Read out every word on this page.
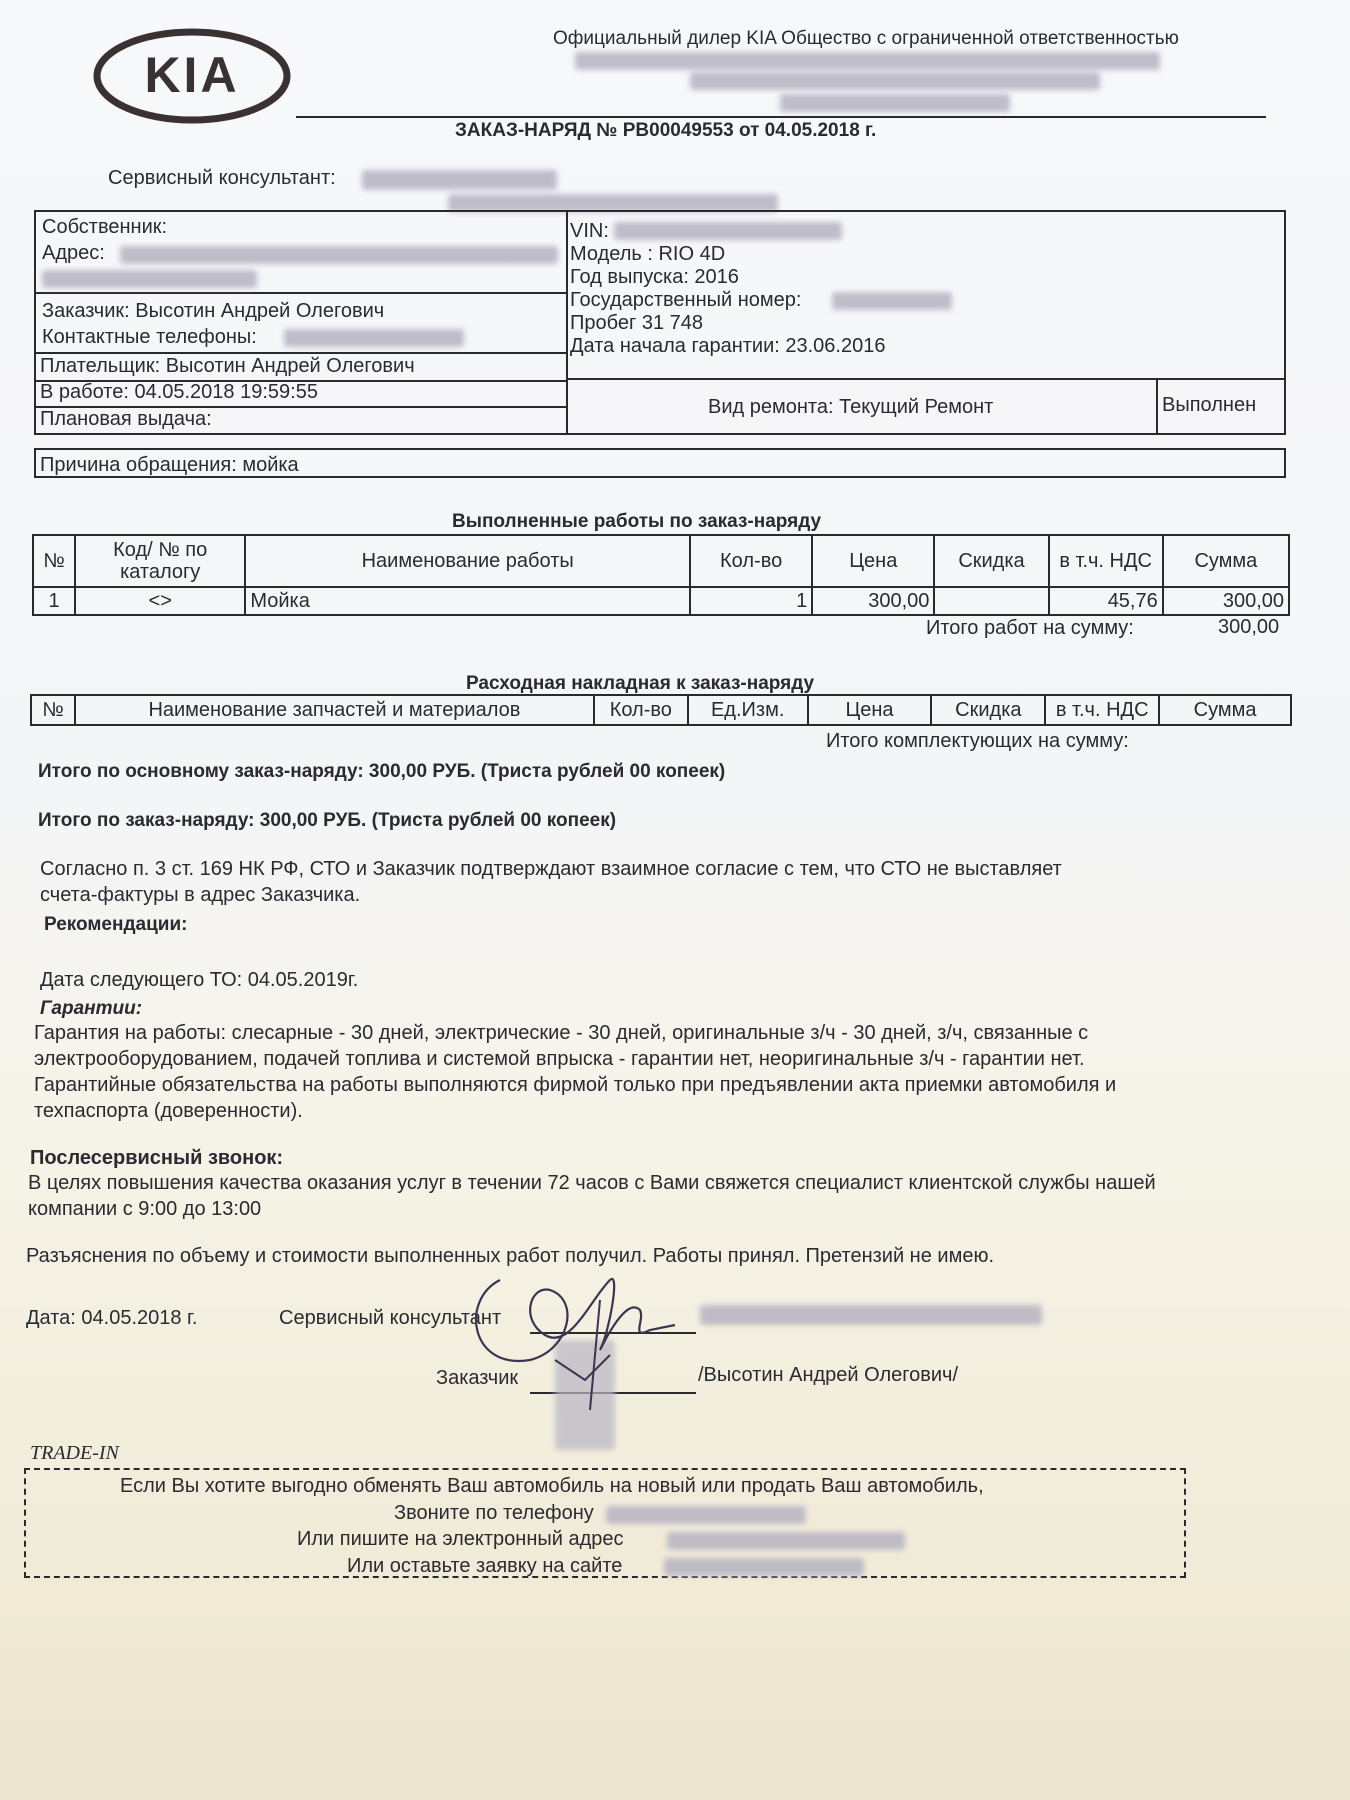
KIA
Официальный дилер KIA Общество с ограниченной ответственностью
ЗАКАЗ-НАРЯД № PB00049553 от 04.05.2018 г.
Сервисный консультант:
Собственник:
Адрес:
Заказчик: Высотин Андрей Олегович
Контактные телефоны:
Плательщик: Высотин Андрей Олегович
В работе: 04.05.2018 19:59:55
Плановая выдача:
VIN:
Модель : RIO 4D
Год выпуска: 2016
Государственный номер:
Пробег 31 748
Дата начала гарантии: 23.06.2016
Вид ремонта: Текущий Ремонт	Выполнен
Причина обращения: мойка
Выполненные работы по заказ-наряду
№	Код/ № по каталогу	Наименование работы	Кол-во	Цена	Скидка	в т.ч. НДС	Сумма
1	<>	Мойка	1	300,00		45,76	300,00
Итого работ на сумму:	300,00
Расходная накладная к заказ-наряду
№	Наименование запчастей и материалов	Кол-во	Ед.Изм.	Цена	Скидка	в т.ч. НДС	Сумма
Итого комплектующих на сумму:
Итого по основному заказ-наряду: 300,00 РУБ. (Триста рублей 00 копеек)
Итого по заказ-наряду: 300,00 РУБ. (Триста рублей 00 копеек)
Согласно п. 3 ст. 169 НК РФ, СТО и Заказчик подтверждают взаимное согласие с тем, что СТО не выставляет
счета-фактуры в адрес Заказчика.
Рекомендации:
Дата следующего ТО: 04.05.2019г.
Гарантии:
Гарантия на работы: слесарные - 30 дней, электрические - 30 дней, оригинальные з/ч - 30 дней, з/ч, связанные с
электрооборудованием, подачей топлива и системой впрыска - гарантии нет, неоригинальные з/ч - гарантии нет.
Гарантийные обязательства на работы выполняются фирмой только при предъявлении акта приемки автомобиля и
техпаспорта (доверенности).
Послесервисный звонок:
В целях повышения качества оказания услуг в течении 72 часов с Вами свяжется специалист клиентской службы нашей
компании с 9:00 до 13:00
Разъяснения по объему и стоимости выполненных работ получил. Работы принял. Претензий не имею.
Дата: 04.05.2018 г.	Сервисный консультант
Заказчик	/Высотин Андрей Олегович/
TRADE-IN
Если Вы хотите выгодно обменять Ваш автомобиль на новый или продать Ваш автомобиль,
Звоните по телефону
Или пишите на электронный адрес
Или оставьте заявку на сайте
